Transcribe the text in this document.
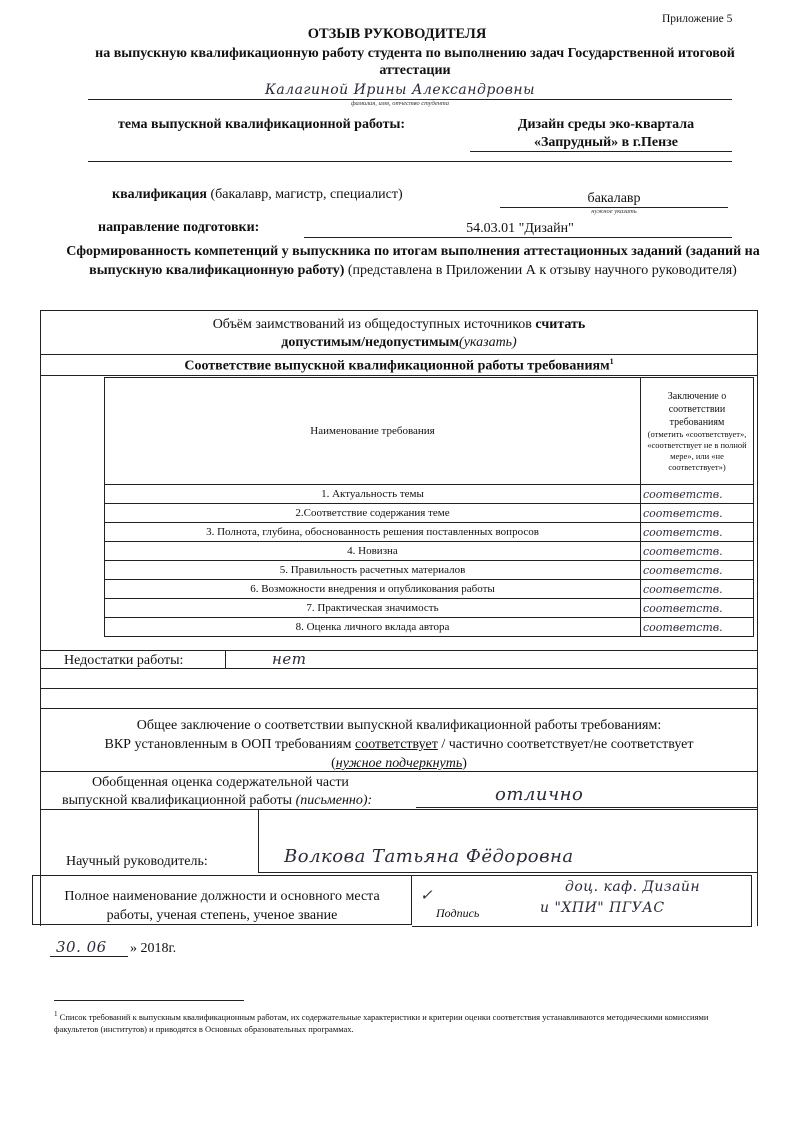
Приложение 5
ОТЗЫВ РУКОВОДИТЕЛЯ
на выпускную квалификационную работу студента по выполнению задач Государственной итоговой аттестации
Калагиной Ирины Александровны
фамилия, имя, отчество студента
тема выпускной квалификационной работы:	Дизайн среды эко-квартала
«Запрудный» в г.Пензе
квалификация (бакалавр, магистр, специалист)	бакалавр
нужное указать
направление подготовки:	54.03.01 "Дизайн"
Сформированность компетенций у выпускника по итогам выполнения аттестационных заданий (заданий на выпускную квалификационную работу) (представлена в Приложении А к отзыву научного руководителя)
Объём заимствований из общедоступных источников считать
допустимым/недопустимым(указать)
Соответствие выпускной квалификационной работы требованиям$^1$
Наименование требования	Заключение о соответствии требованиям
(отметить «соответствует», «соответствует не в полной мере», или «не соответствует»)

1. Актуальность темы	соответств.
2.Соответствие содержания теме	соответств.
3. Полнота, глубина, обоснованность решения поставленных вопросов	соответств.
4. Новизна	соответств.
5. Правильность расчетных материалов	соответств.
6. Возможности внедрения и опубликования работы	соответств.
7. Практическая значимость	соответств.
8. Оценка личного вклада автора	соответств.
Недостатки работы:	нет
Общее заключение о соответствии выпускной квалификационной работы требованиям:
ВКР установленным в ООП требованиям соответствует / частично соответствует/не соответствует
(нужное подчеркнуть)
Обобщенная оценка содержательной части
выпускной квалификационной работы (письменно):	отлично
Научный руководитель:	Волкова Татьяна Фёдоровна
Полное наименование должности и основного места
работы, ученая степень, ученое звание
✓
Подпись
доц. каф. Дизайн
и "ХПИ" ПГУАС
30. 06 » 2018г.
$^1$ Список требований к выпускным квалификационным работам, их содержательные характеристики и критерии оценки соответствия устанавливаются методическими комиссиями факультетов (институтов) и приводятся в Основных образовательных программах.
